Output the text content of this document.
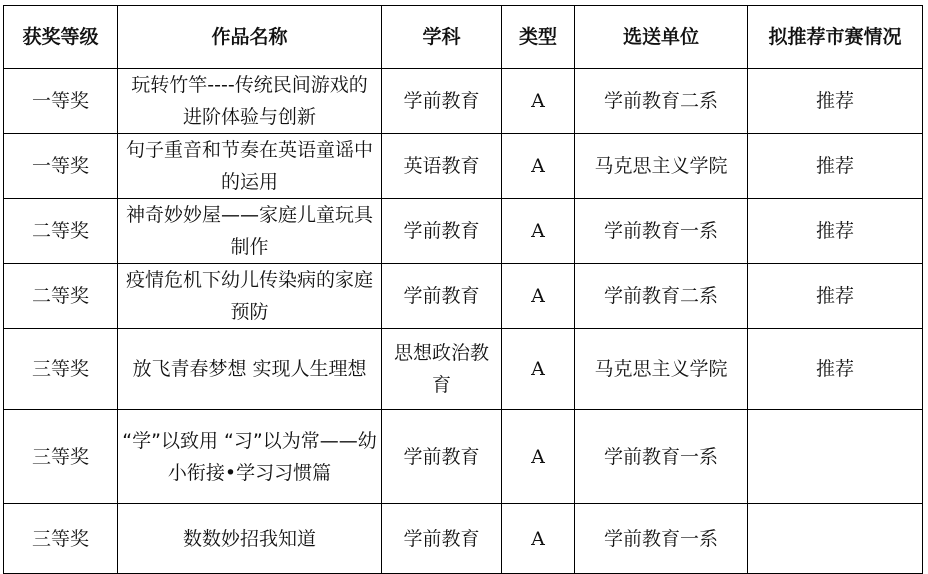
获奖等级	作品名称	学科	类型	选送单位	拟推荐市赛情况
一等奖	玩转竹竿----传统民间游戏的进阶体验与创新	学前教育	A	学前教育二系	推荐
一等奖	句子重音和节奏在英语童谣中的运用	英语教育	A	马克思主义学院	推荐
二等奖	神奇妙妙屋——家庭儿童玩具制作	学前教育	A	学前教育一系	推荐
二等奖	疫情危机下幼儿传染病的家庭预防	学前教育	A	学前教育二系	推荐
三等奖	放飞青春梦想 实现人生理想	思想政治教育	A	马克思主义学院	推荐
三等奖	“学”以致用 “习”以为常——幼小衔接•学习习惯篇	学前教育	A	学前教育一系	
三等奖	数数妙招我知道	学前教育	A	学前教育一系	
